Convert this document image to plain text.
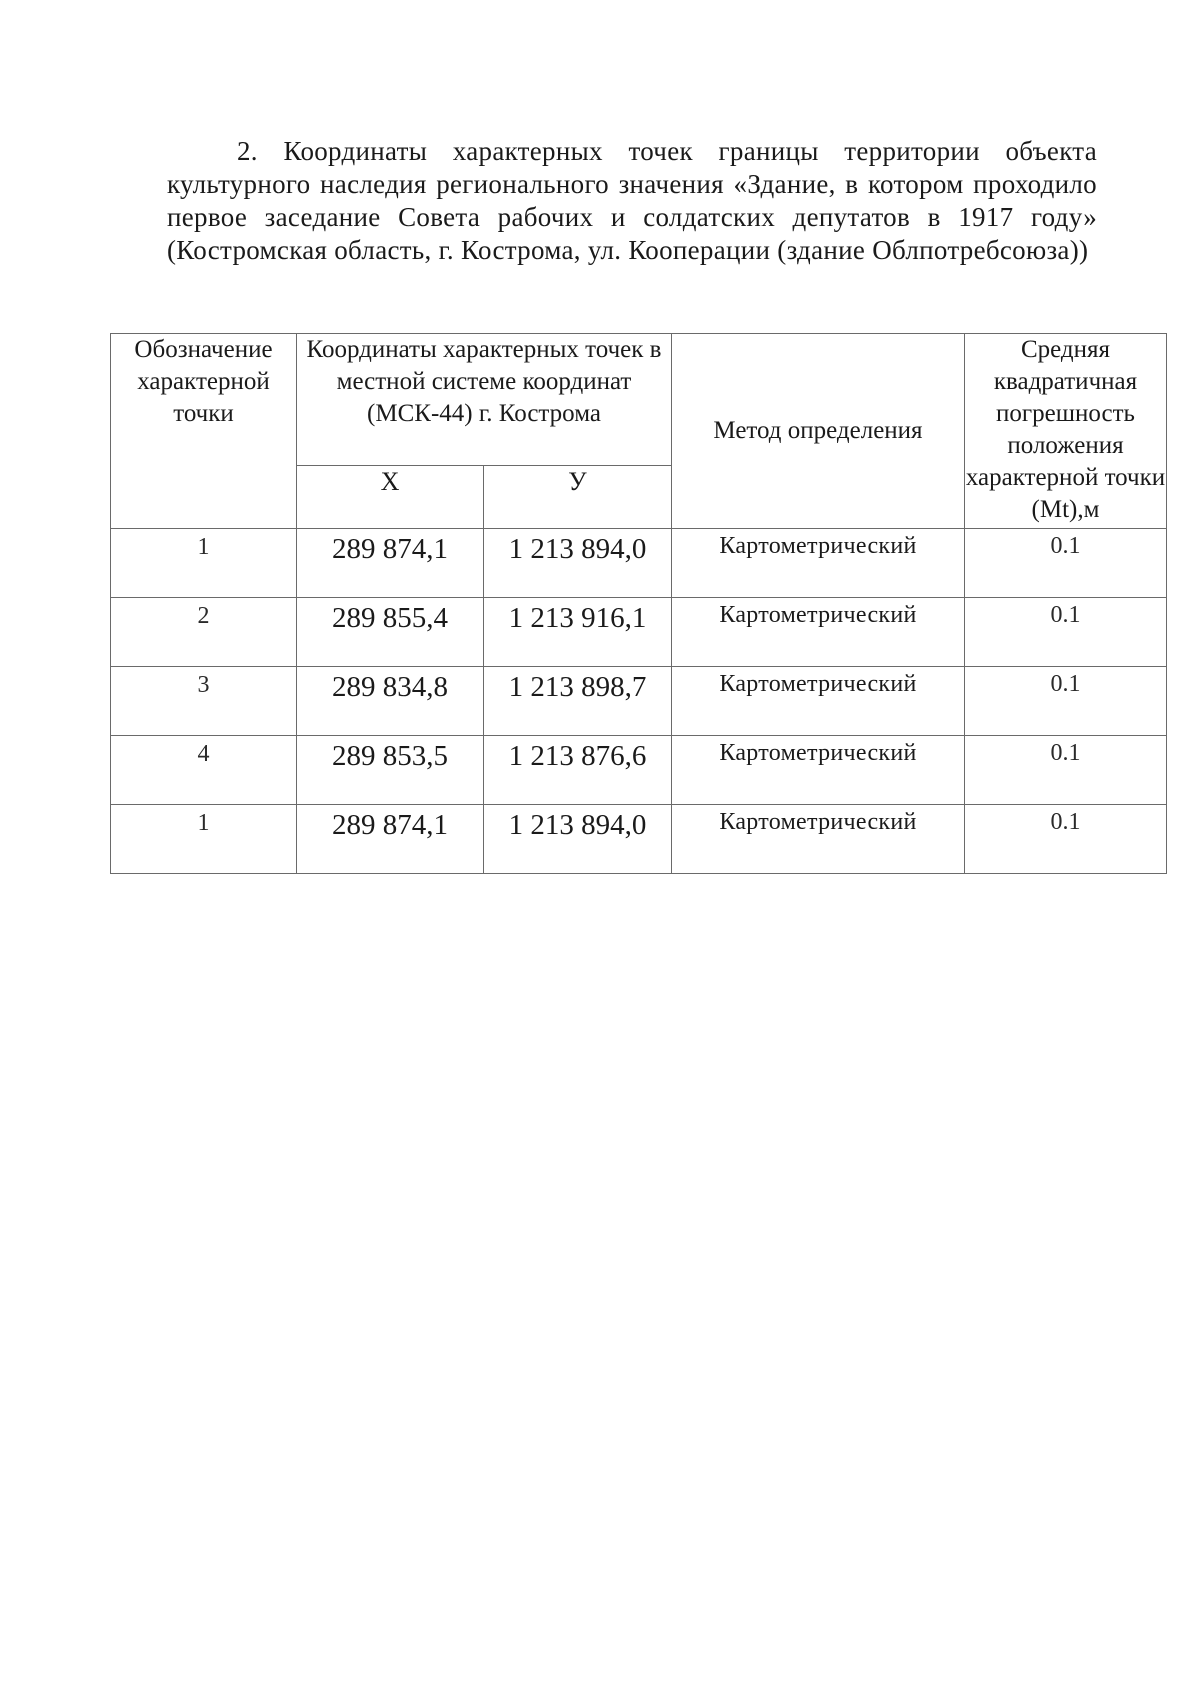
2. Координаты характерных точек границы территории объекта культурного наследия регионального значения «Здание, в котором проходило первое заседание Совета рабочих и солдатских депутатов в 1917 году» (Костромская область, г. Кострома, ул. Кооперации (здание Облпотребсоюза))

Обозначение характерной точки	Координаты характерных точек в местной системе координат (МСК-44) г. Кострома		Метод определения	Средняя квадратичная погрешность положения характерной точки (Mt),м
	Х	У		
1	289 874,1	1 213 894,0	Картометрический	0.1
2	289 855,4	1 213 916,1	Картометрический	0.1
3	289 834,8	1 213 898,7	Картометрический	0.1
4	289 853,5	1 213 876,6	Картометрический	0.1
1	289 874,1	1 213 894,0	Картометрический	0.1
